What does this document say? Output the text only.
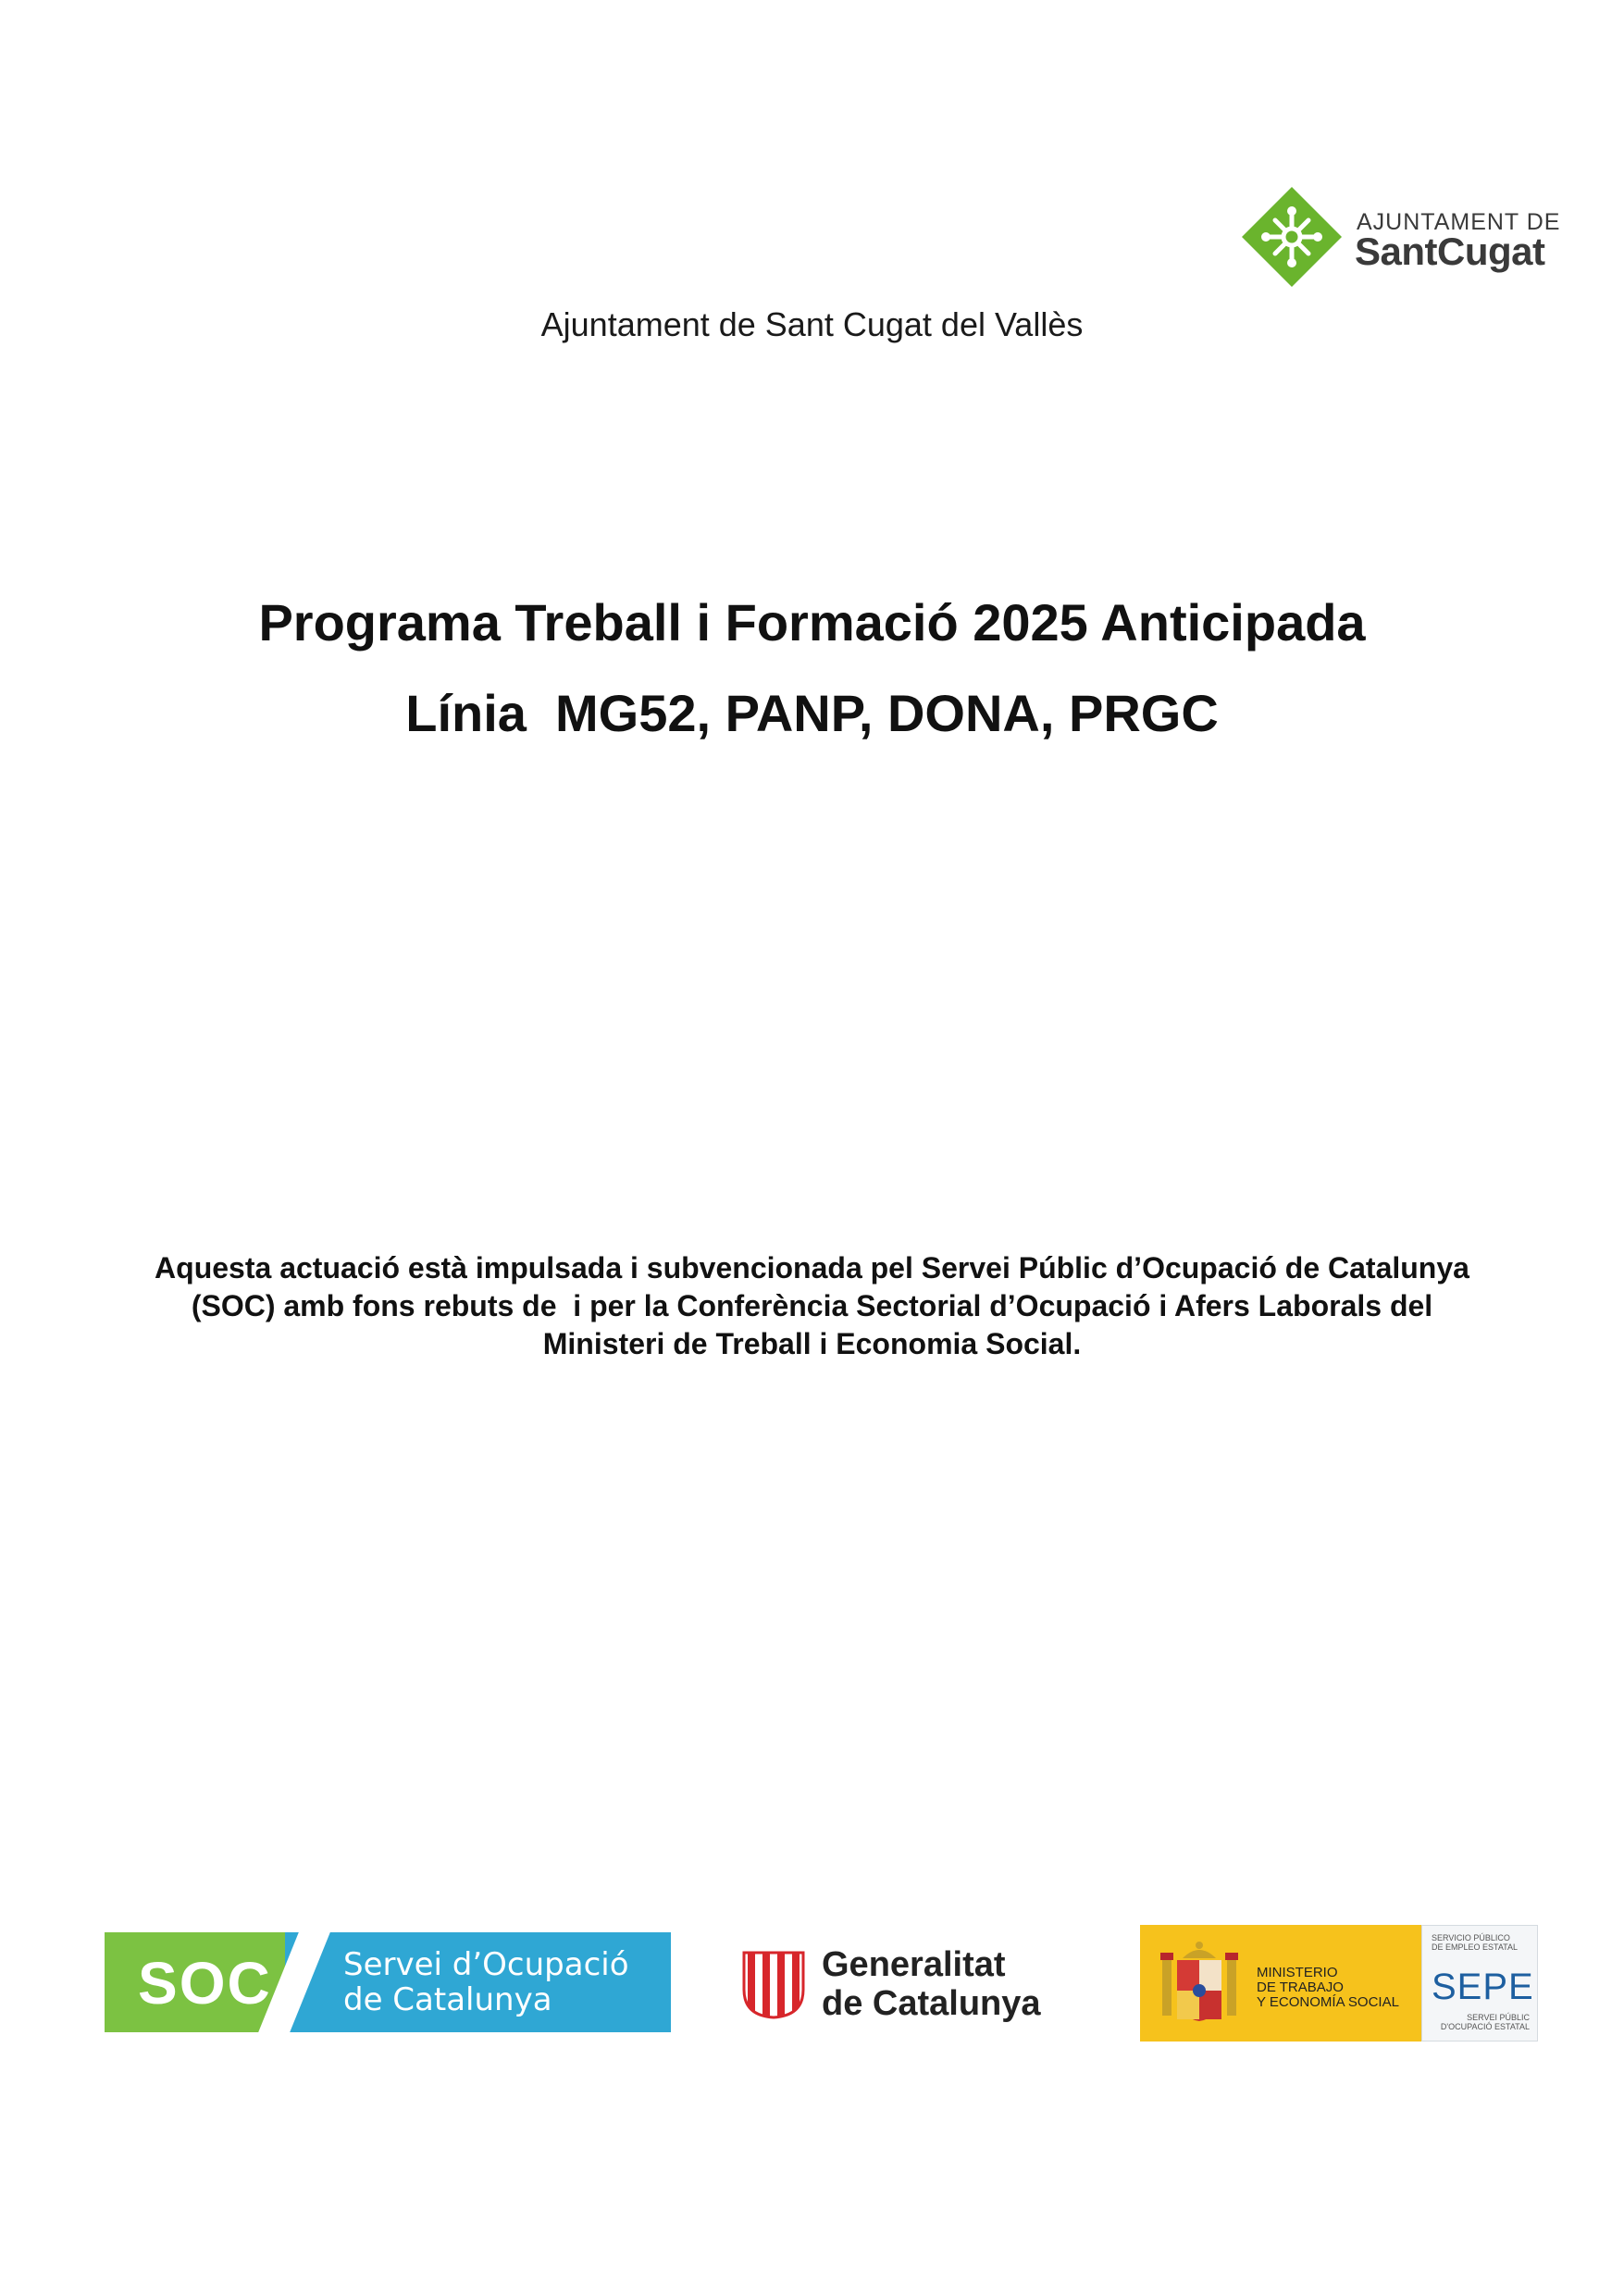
AJUNTAMENT DE
SantCugat
Ajuntament de Sant Cugat del Vallès
Programa Treball i Formació 2025 Anticipada
Línia  MG52, PANP, DONA, PRGC
Aquesta actuació està impulsada i subvencionada pel Servei Públic d’Ocupació de Catalunya
(SOC) amb fons rebuts de  i per la Conferència Sectorial d’Ocupació i Afers Laborals del
Ministeri de Treball i Economia Social.
SOC Servei d’Ocupació
de Catalunya
Generalitat
de Catalunya
MINISTERIO
DE TRABAJO
Y ECONOMÍA SOCIAL
SERVICIO PÚBLICO
DE EMPLEO ESTATAL
SEPE
SERVEI PÚBLIC
D'OCUPACIÓ ESTATAL
